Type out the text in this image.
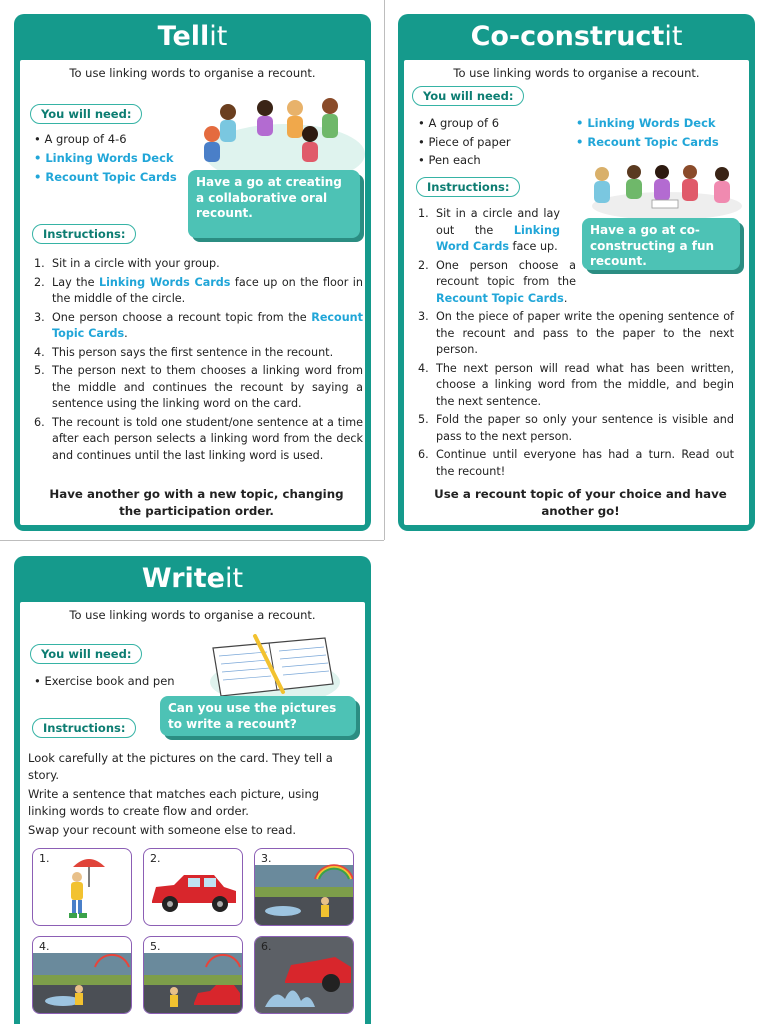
Tellit
To use linking words to organise a recount.
You will need:
• A group of 4-6
• Linking Words Deck
• Recount Topic Cards	Have a go at creating a collaborative oral recount.
Instructions:
1. Sit in a circle with your group.
2. Lay the Linking Words Cards face up on the floor in the middle of the circle.
3. One person choose a recount topic from the Recount Topic Cards.
4. This person says the first sentence in the recount.
5. The person next to them chooses a linking word from the middle and continues the recount by saying a sentence using the linking word on the card.
6. The recount is told one student/one sentence at a time after each person selects a linking word from the deck and continues until the last linking word is used.
Have another go with a new topic, changing the participation order.
Co-constructit
To use linking words to organise a recount.
You will need:
• A group of 6
• Piece of paper
• Pen each
• Linking Words Deck
• Recount Topic Cards
Instructions:
Have a go at co-constructing a fun recount.
1. Sit in a circle and lay out the Linking Word Cards face up.
2. One person choose a recount topic from the Recount Topic Cards.
3. On the piece of paper write the opening sentence of the recount and pass to the paper to the next person.
4. The next person will read what has been written, choose a linking word from the middle, and begin the next sentence.
5. Fold the paper so only your sentence is visible and pass to the next person.
6. Continue until everyone has had a turn. Read out the recount!
Use a recount topic of your choice and have another go!
Writeit
To use linking words to organise a recount.
You will need:
• Exercise book and pen
Can you use the pictures to write a recount?
Instructions:

Look carefully at the pictures on the card. They tell a story.

Write a sentence that matches each picture, using linking words to create flow and order.

Swap your recount with someone else to read.

1.	2.	3.
4.	5.	6.
